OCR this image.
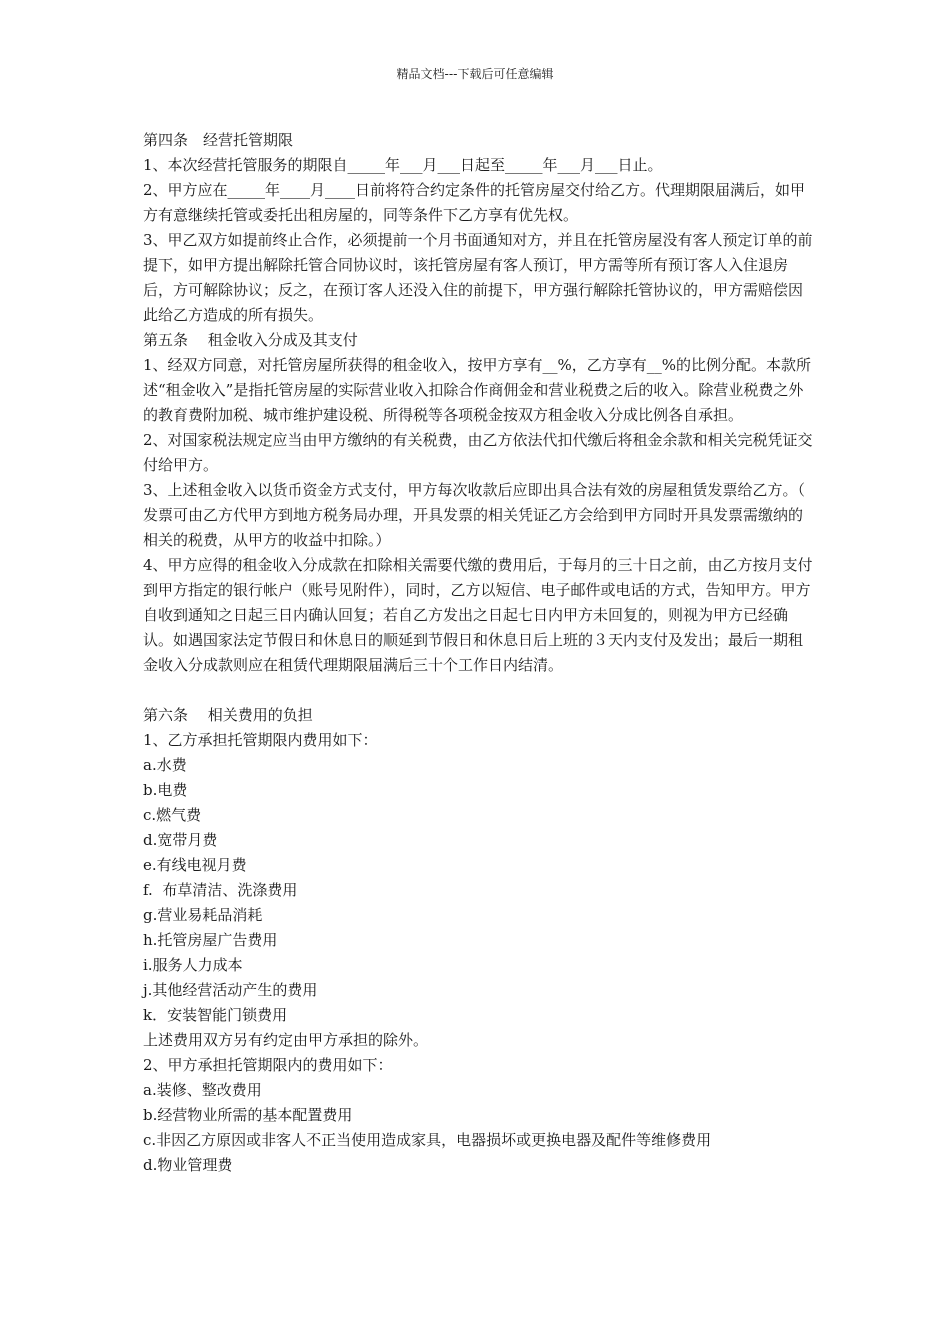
精品文档---下载后可任意编辑

第四条　经营托管期限

1、本次经营托管服务的期限自_____年___月___日起至_____年___月___日止。

2、甲方应在_____年____月____日前将符合约定条件的托管房屋交付给乙方。代理期限届满后，如甲方有意继续托管或委托出租房屋的，同等条件下乙方享有优先权。

3、甲乙双方如提前终止合作，必须提前一个月书面通知对方，并且在托管房屋没有客人预定订单的前提下，如甲方提出解除托管合同协议时，该托管房屋有客人预订，甲方需等所有预订客人入住退房后，方可解除协议；反之，在预订客人还没入住的前提下，甲方强行解除托管协议的，甲方需赔偿因此给乙方造成的所有损失。

第五条　 租金收入分成及其支付

1、经双方同意，对托管房屋所获得的租金收入，按甲方享有__%，乙方享有__%的比例分配。本款所述“租金收入”是指托管房屋的实际营业收入扣除合作商佣金和营业税费之后的收入。除营业税费之外的教育费附加税、城市维护建设税、所得税等各项税金按双方租金收入分成比例各自承担。

2、对国家税法规定应当由甲方缴纳的有关税费，由乙方依法代扣代缴后将租金余款和相关完税凭证交付给甲方。

3、上述租金收入以货币资金方式支付，甲方每次收款后应即出具合法有效的房屋租赁发票给乙方。（ 发票可由乙方代甲方到地方税务局办理，开具发票的相关凭证乙方会给到甲方同时开具发票需缴纳的相关的税费，从甲方的收益中扣除。）

4、甲方应得的租金收入分成款在扣除相关需要代缴的费用后，于每月的三十日之前，由乙方按月支付到甲方指定的银行帐户（账号见附件），同时，乙方以短信、电子邮件或电话的方式，告知甲方。甲方自收到通知之日起三日内确认回复；若自乙方发出之日起七日内甲方未回复的，则视为甲方已经确认。如遇国家法定节假日和休息日的顺延到节假日和休息日后上班的３天内支付及发出；最后一期租金收入分成款则应在租赁代理期限届满后三十个工作日内结清。

第六条　 相关费用的负担

1、乙方承担托管期限内费用如下：

a.水费

b.电费

c.燃气费

d.宽带月费

e.有线电视月费

f.  布草清洁、洗涤费用

g.营业易耗品消耗

h.托管房屋广告费用

i.服务人力成本

j.其他经营活动产生的费用

k．安装智能门锁费用

上述费用双方另有约定由甲方承担的除外。

2、甲方承担托管期限内的费用如下：

a.装修、整改费用

b.经营物业所需的基本配置费用

c.非因乙方原因或非客人不正当使用造成家具，电器损坏或更换电器及配件等维修费用

d.物业管理费
